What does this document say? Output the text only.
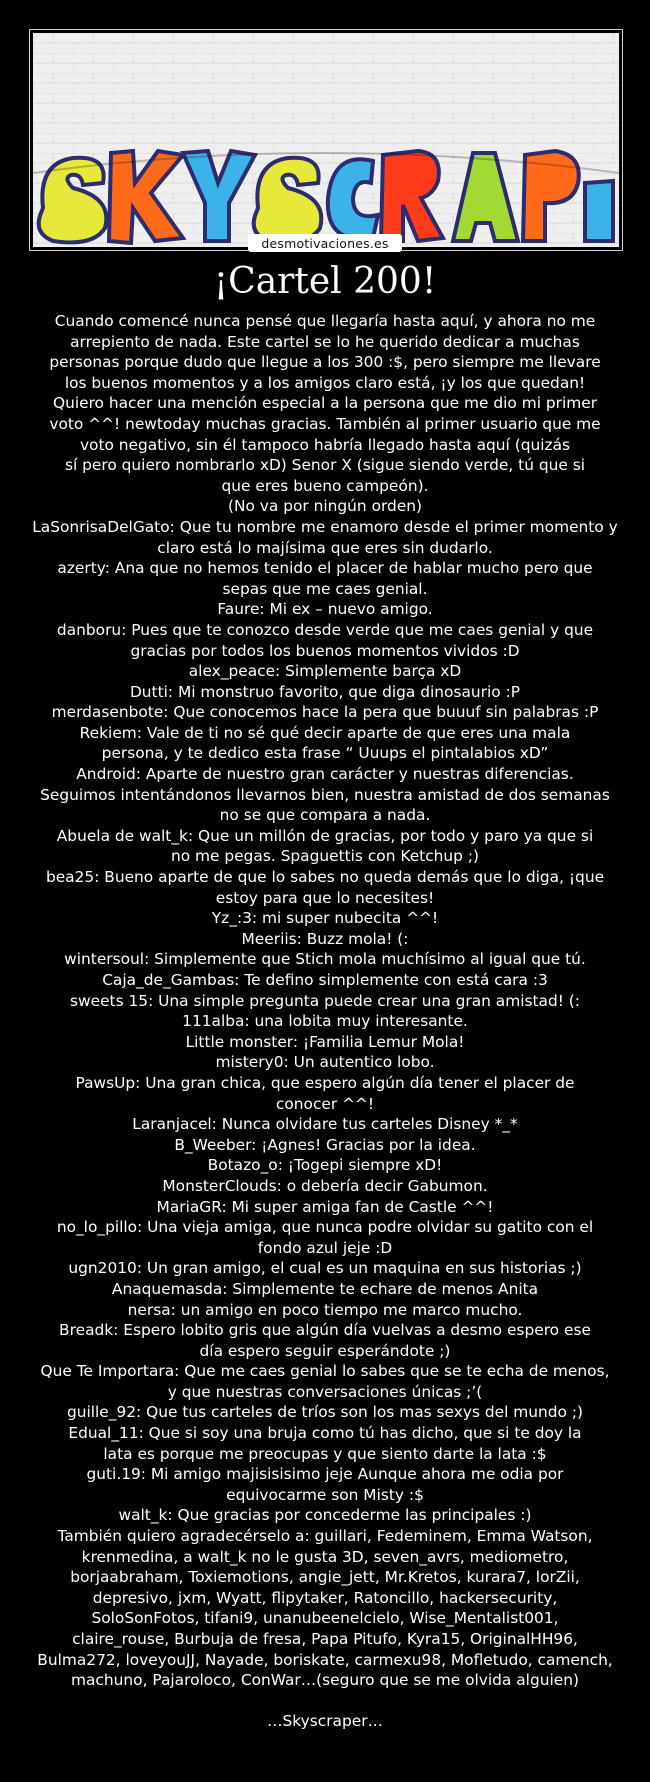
desmotivaciones.es
¡Cartel 200!
Cuando comencé nunca pensé que llegaría hasta aquí, y ahora no me
arrepiento de nada. Este cartel se lo he querido dedicar a muchas
personas porque dudo que llegue a los 300 :$, pero siempre me llevare
los buenos momentos y a los amigos claro está, ¡y los que quedan!
Quiero hacer una mención especial a la persona que me dio mi primer
voto ^^! newtoday muchas gracias. También al primer usuario que me
voto negativo, sin él tampoco habría llegado hasta aquí (quizás
sí pero quiero nombrarlo xD) Senor X (sigue siendo verde, tú que si
que eres bueno campeón).
(No va por ningún orden)
LaSonrisaDelGato: Que tu nombre me enamoro desde el primer momento y
claro está lo majísima que eres sin dudarlo.
azerty: Ana que no hemos tenido el placer de hablar mucho pero que
sepas que me caes genial.
Faure: Mi ex – nuevo amigo.
danboru: Pues que te conozco desde verde que me caes genial y que
gracias por todos los buenos momentos vividos :D
alex_peace: Simplemente barça xD
Dutti: Mi monstruo favorito, que diga dinosaurio :P
merdasenbote: Que conocemos hace la pera que buuuf sin palabras :P
Rekiem: Vale de ti no sé qué decir aparte de que eres una mala
persona, y te dedico esta frase “ Uuups el pintalabios xD”
Android: Aparte de nuestro gran carácter y nuestras diferencias.
Seguimos intentándonos llevarnos bien, nuestra amistad de dos semanas
no se que compara a nada.
Abuela de walt_k: Que un millón de gracias, por todo y paro ya que si
no me pegas. Spaguettis con Ketchup ;)
bea25: Bueno aparte de que lo sabes no queda demás que lo diga, ¡que
estoy para que lo necesites!
Yz_:3: mi super nubecita ^^!
Meeriis: Buzz mola! (:
wintersoul: Simplemente que Stich mola muchísimo al igual que tú.
Caja_de_Gambas: Te defino simplemente con está cara :3
sweets 15: Una simple pregunta puede crear una gran amistad! (:
111alba: una lobita muy interesante.
Little monster: ¡Familia Lemur Mola!
mistery0: Un autentico lobo.
PawsUp: Una gran chica, que espero algún día tener el placer de
conocer ^^!
Laranjacel: Nunca olvidare tus carteles Disney *_*
B_Weeber: ¡Agnes! Gracias por la idea.
Botazo_o: ¡Togepi siempre xD!
MonsterClouds: o debería decir Gabumon.
MariaGR: Mi super amiga fan de Castle ^^!
no_lo_pillo: Una vieja amiga, que nunca podre olvidar su gatito con el
fondo azul jeje :D
ugn2010: Un gran amigo, el cual es un maquina en sus historias ;)
Anaquemasda: Simplemente te echare de menos Anita
nersa: un amigo en poco tiempo me marco mucho.
Breadk: Espero lobito gris que algún día vuelvas a desmo espero ese
día espero seguir esperándote ;)
Que Te Importara: Que me caes genial lo sabes que se te echa de menos,
y que nuestras conversaciones únicas ;’(
guille_92: Que tus carteles de tríos son los mas sexys del mundo ;)
Edual_11: Que si soy una bruja como tú has dicho, que si te doy la
lata es porque me preocupas y que siento darte la lata :$
guti.19: Mi amigo majisisisimo jeje Aunque ahora me odia por
equivocarme son Misty :$
walt_k: Que gracias por concederme las principales :)
También quiero agradecérselo a: guillari, Fedeminem, Emma Watson,
krenmedina, a walt_k no le gusta 3D, seven_avrs, mediometro,
borjaabraham, Toxiemotions, angie_jett, Mr.Kretos, kurara7, lorZii,
depresivo, jxm, Wyatt, flipytaker, Ratoncillo, hackersecurity,
SoloSonFotos, tifani9, unanubeenelcielo, Wise_Mentalist001,
claire_rouse, Burbuja de fresa, Papa Pitufo, Kyra15, OriginalHH96,
Bulma272, loveyouJJ, Nayade, boriskate, carmexu98, Mofletudo, camench,
machuno, Pajaroloco, ConWar…(seguro que se me olvida alguien)
…Skyscraper…
